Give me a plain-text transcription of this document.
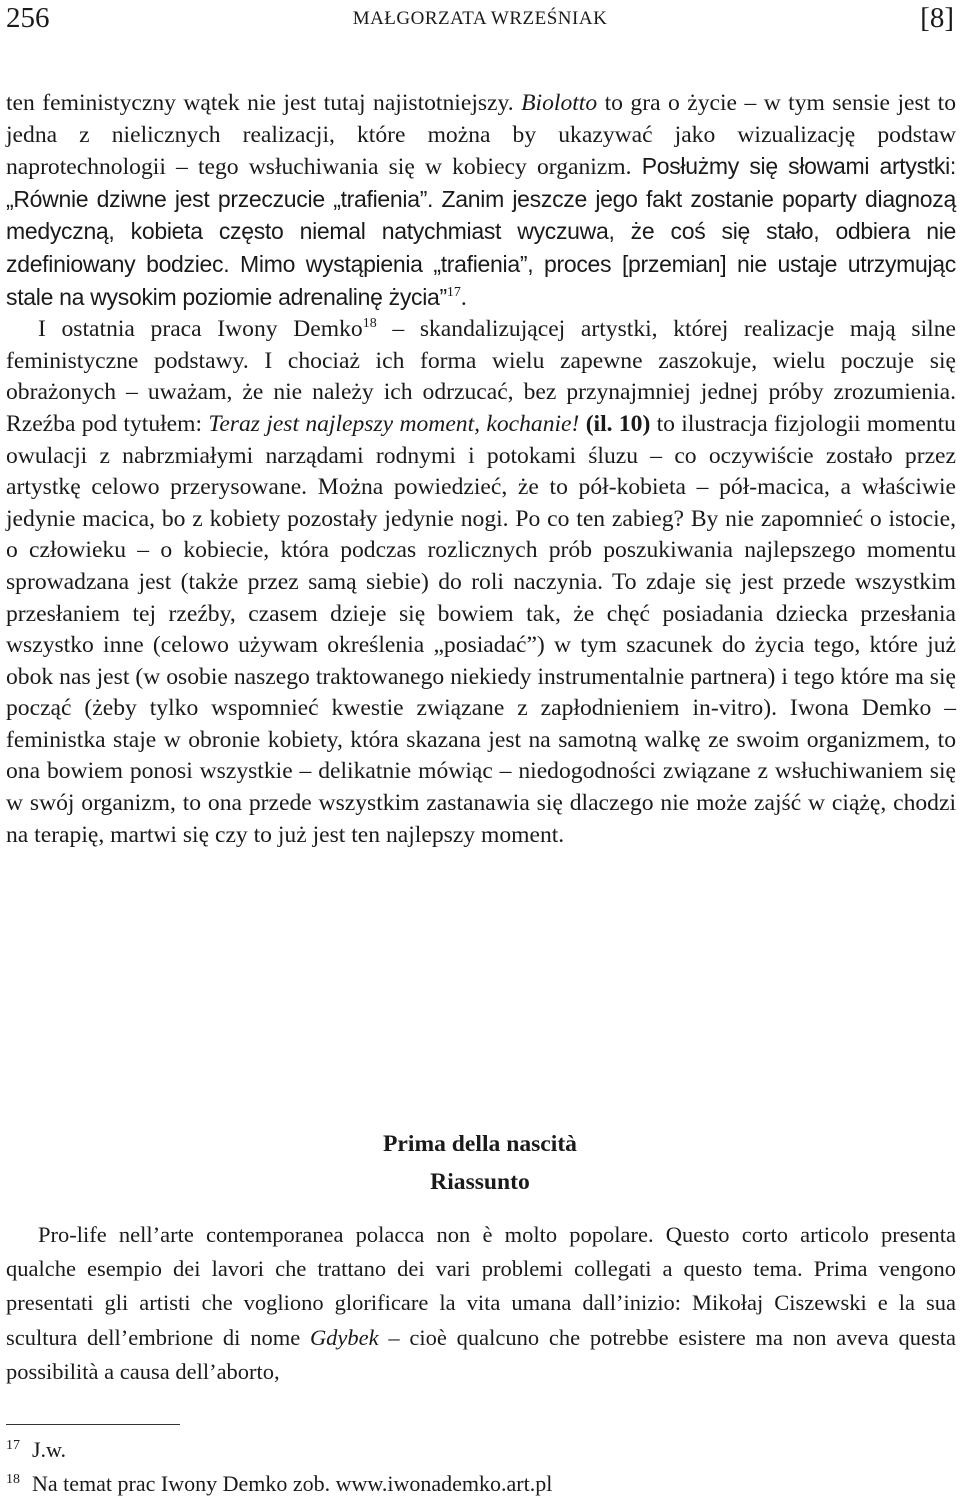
256	MAŁGORZATA WRZEŚNIAK	[8]

ten feministyczny wątek nie jest tutaj najistotniejszy. Biolotto to gra o życie – w tym sensie jest to jedna z nielicznych realizacji, które można by ukazywać jako wizualizację podstaw naprotechnologii – tego wsłuchiwania się w kobiecy organizm. Posłużmy się słowami artystki: „Równie dziwne jest przeczucie „trafienia”. Zanim jeszcze jego fakt zostanie poparty diagnozą medyczną, kobieta często niemal natychmiast wyczuwa, że coś się stało, odbiera nie zdefiniowany bodziec. Mimo wystąpienia „trafienia”, proces [przemian] nie ustaje utrzymując stale na wysokim poziomie adrenalinę życia”$^{17}$.

I ostatnia praca Iwony Demko$^{18}$ – skandalizującej artystki, której realizacje mają silne feministyczne podstawy. I chociaż ich forma wielu zapewne zaszokuje, wielu poczuje się obrażonych – uważam, że nie należy ich odrzucać, bez przynajmniej jednej próby zrozumienia. Rzeźba pod tytułem: Teraz jest najlepszy moment, kochanie! (il. 10) to ilustracja fizjologii momentu owulacji z nabrzmiałymi narządami rodnymi i potokami śluzu – co oczywiście zostało przez artystkę celowo przerysowane. Można powiedzieć, że to pół-kobieta – pół-macica, a właściwie jedynie macica, bo z kobiety pozostały jedynie nogi. Po co ten zabieg? By nie zapomnieć o istocie, o człowieku – o kobiecie, która podczas rozlicznych prób poszukiwania najlepszego momentu sprowadzana jest (także przez samą siebie) do roli naczynia. To zdaje się jest przede wszystkim przesłaniem tej rzeźby, czasem dzieje się bowiem tak, że chęć posiadania dziecka przesłania wszystko inne (celowo używam określenia „posiadać”) w tym szacunek do życia tego, które już obok nas jest (w osobie naszego traktowanego niekiedy instrumentalnie partnera) i tego które ma się począć (żeby tylko wspomnieć kwestie związane z zapłodnieniem in-vitro). Iwona Demko – feministka staje w obronie kobiety, która skazana jest na samotną walkę ze swoim organizmem, to ona bowiem ponosi wszystkie – delikatnie mówiąc – niedogodności związane z wsłuchiwaniem się w swój organizm, to ona przede wszystkim zastanawia się dlaczego nie może zajść w ciążę, chodzi na terapię, martwi się czy to już jest ten najlepszy moment.

Prima della nascità
Riassunto

Pro-life nell’arte contemporanea polacca non è molto popolare. Questo corto articolo presenta qualche esempio dei lavori che trattano dei vari problemi collegati a questo tema. Prima vengono presentati gli artisti che vogliono glorificare la vita umana dall’inizio: Mikołaj Ciszewski e la sua scultura dell’embrione di nome Gdybek – cioè qualcuno che potrebbe esistere ma non aveva questa possibilità a causa dell’aborto,

17 J.w.
18 Na temat prac Iwony Demko zob. www.iwonademko.art.pl
